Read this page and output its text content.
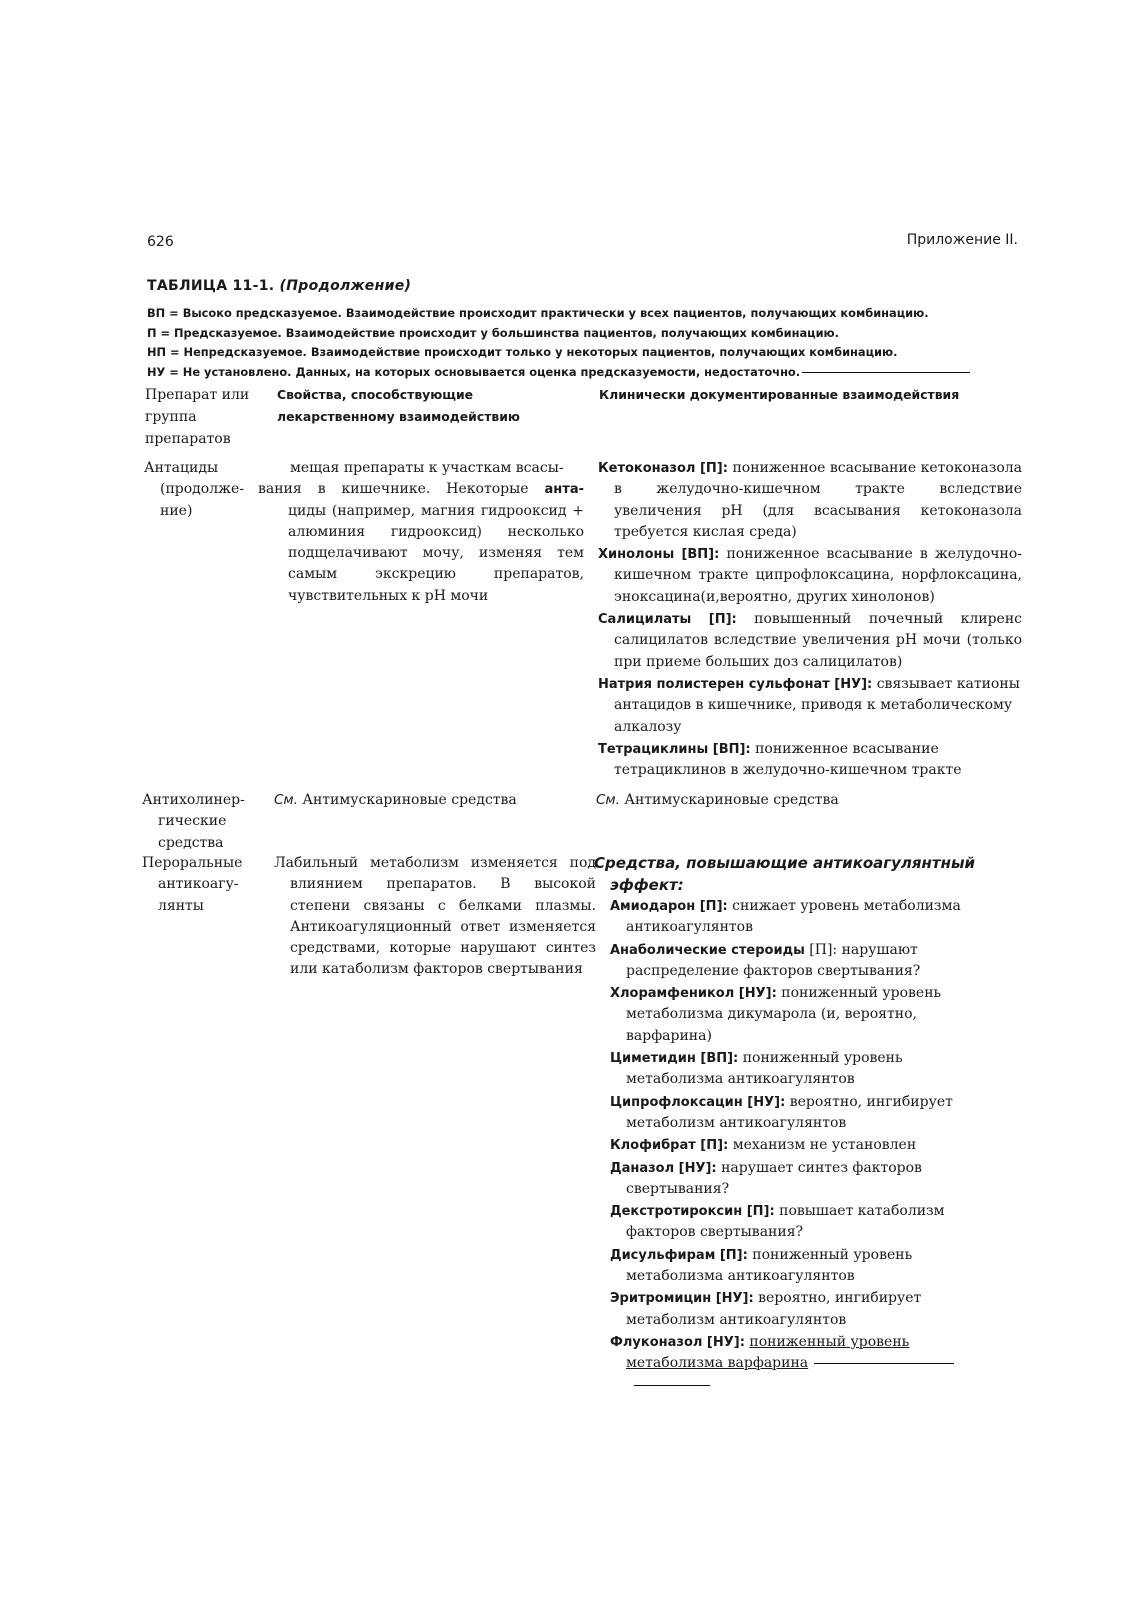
626	Приложение II.
ТАБЛИЦА 11-1. (Продолжение)
ВП = Высоко предсказуемое. Взаимодействие происходит практически у всех пациентов, получающих комбинацию.
П = Предсказуемое. Взаимодействие происходит у большинства пациентов, получающих комбинацию.
НП = Непредсказуемое. Взаимодействие происходит только у некоторых пациентов, получающих комбинацию.
НУ = Не установлено. Данных, на которых основывается оценка предсказуемости, недостаточно.
Препарат или группа препаратов
Свойства, способствующие лекарственному взаимодействию
Клинически документированные взаимодействия
Антациды (продолже-ние)
мещая препараты к участкам всасы-
вания в кишечнике. Некоторые анта-
циды (например, магния гидрооксид + алюминия гидрооксид) несколько подщелачивают мочу, изменяя тем самым экскрецию препаратов, чувствительных к рН мочи
Кетоконазол [П]: пониженное всасывание кетоконазола в желудочно-кишечном тракте вследствие увеличения рН (для всасывания кетоконазола требуется кислая среда)
Хинолоны [ВП]: пониженное всасывание в желудочно-кишечном тракте ципрофлоксацина, норфлоксацина, эноксацина(и,вероятно, других хинолонов)
Салицилаты [П]: повышенный почечный клиренс салицилатов вследствие увеличения рН мочи (только при приеме больших доз салицилатов)
Натрия полистерен сульфонат [НУ]: связывает катионы антацидов в кишечнике, приводя к метаболическому алкалозу
Тетрациклины [ВП]: пониженное всасывание тетрациклинов в желудочно-кишечном тракте
Антихолинер-гические средства
См. Антимускариновые средства	См. Антимускариновые средства
Пероральные антикоагу-лянты
Лабильный метаболизм изменяется под влиянием препаратов. В высокой степени связаны с белками плазмы. Антикоагуляционный ответ изменяется средствами, которые нарушают синтез или катаболизм факторов свертывания
Средства, повышающие антикоагулянтный эффект:
Амиодарон [П]: снижает уровень метаболизма антикоагулянтов
Анаболические стероиды [П]: нарушают распределение факторов свертывания?
Хлорамфеникол [НУ]: пониженный уровень метаболизма дикумарола (и, вероятно, варфарина)
Циметидин [ВП]: пониженный уровень метаболизма антикоагулянтов
Ципрофлоксацин [НУ]: вероятно, ингибирует метаболизм антикоагулянтов
Клофибрат [П]: механизм не установлен
Даназол [НУ]: нарушает синтез факторов свертывания?
Декстротироксин [П]: повышает катаболизм факторов свертывания?
Дисульфирам [П]: пониженный уровень метаболизма антикоагулянтов
Эритромицин [НУ]: вероятно, ингибирует метаболизм антикоагулянтов
Флуконазол [НУ]: пониженный уровень метаболизма варфарина
